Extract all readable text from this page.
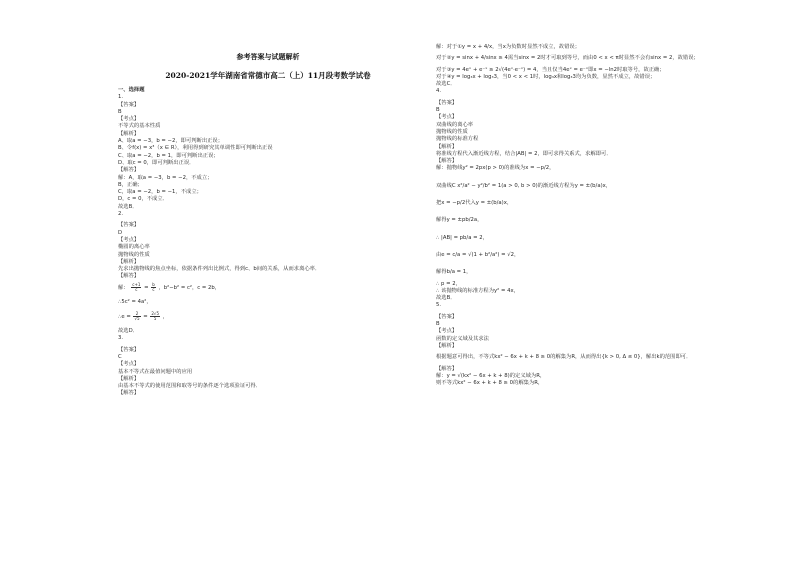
参考答案与试题解析
2020-2021学年湖南省常德市高二（上）11月段考数学试卷
一、选择题
1.
【答案】
B
【考点】
不等式的基本性质
【解析】
A、取a = −3，b = −2，即可判断出正误；
B、令f(x) = x³（x ∈ R），利用得到研究其单调性即可判断出正误
C、取a = −2，b = 1，即可判断出正误；
D、取c = 0，即可判断出正误．
【解答】
解：A，取a = −3，b = −2，不成立；
B，正确；
C，取a = −2，b = −1，不成立；
D，c = 0，不成立．
故选B．
2.
【答案】
D
【考点】
椭圆的离心率
抛物线的性质
【解析】
先求出抛物线的焦点坐标，依据条件列出比例式，得到c、b间的关系，从而求离心率．
【解答】
解： $\frac{c+1}{c} = \frac{b}{c}$ ，b²−b² = c²，c = 2b，
∴5c² = 4a²，
∴e = $\frac{2}{√5} = \frac{2√5}{5}$ ，
故选D．
3.
【答案】
C
【考点】
基本不等式在最值问题中的应用
【解析】
由基本不等式的使用范围和取等号的条件逐个选项验证可得．
【解答】
解：对于①y = x + 4/x，当x为负数时显然不成立，故错误；
对于②y = sinx + 4/sinx ≥ 4需当sinx = 2时才可取到等号，而由0 < x < π时显然不会有sinx = 2，故错误；
对于③y = 4eˣ + e⁻ˣ ≥ 2√(4eˣ·e⁻ˣ) = 4，当且仅当4eˣ = e⁻ˣ即x = −ln2时取等号，故正确；
对于④y = log₃x + log₃3，当0 < x < 1时，log₃x和log₃3均为负数，显然不成立，故错误；
故选C．
4.
【答案】
B
【考点】
双曲线的离心率
抛物线的性质
抛物线的标准方程
【解析】
将准线方程代入渐近线方程，结合|AB| = 2，即可求得关系式，求解即可．
【解答】
解：抛物线y² = 2px(p > 0)的准线为x = −p/2，
双曲线C x²/a² − y²/b² = 1(a > 0, b > 0)的渐近线方程为y = ±(b/a)x，
把x = −p/2代入y = ±(b/a)x，
解得y = ±pb/2a，
∴ |AB| = pb/a = 2，
由e = c/a = √(1 + b²/a²) = √2，
解得b/a = 1，
∴ p = 2，
∴ 该抛物线的标准方程为y² = 4x，
故选B．
5.
【答案】
B
【考点】
函数的定义域及其求法
【解析】
根据题意可得出，不等式kx² − 6x + k + 8 ≥ 0的解集为R，从而得出{k > 0, Δ ≤ 0}，解出k的范围即可．
【解答】
解：y = √(kx² − 6x + k + 8)的定义域为R，
则不等式kx² − 6x + k + 8 ≥ 0的解集为R，
